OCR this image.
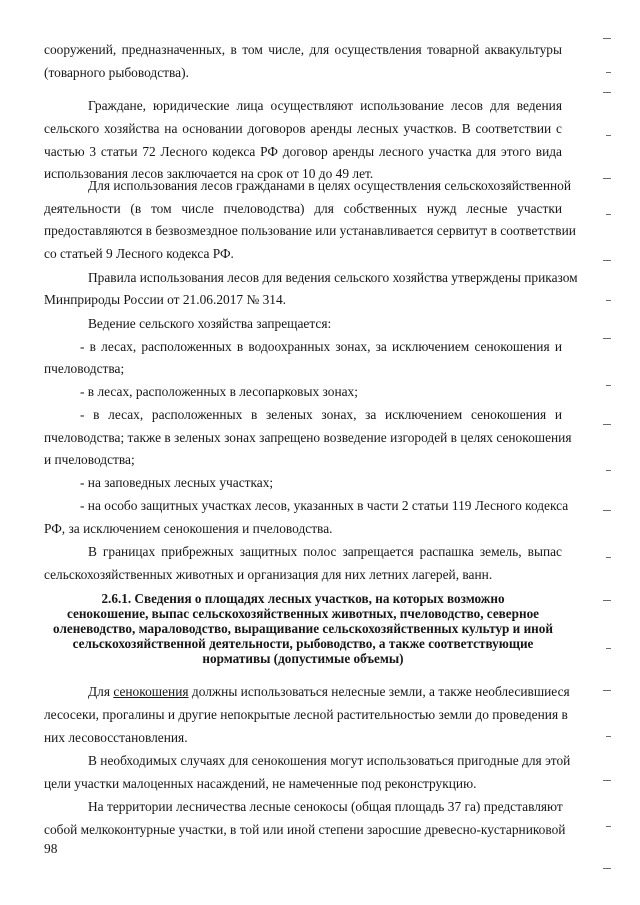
сооружений, предназначенных, в том числе, для осуществления товарной аквакультуры
(товарного рыбоводства).
Граждане, юридические лица осуществляют использование лесов для ведения
сельского хозяйства на основании договоров аренды лесных участков. В соответствии с
частью 3 статьи 72 Лесного кодекса РФ договор аренды лесного участка для этого вида
использования лесов заключается на срок от 10 до 49 лет.
Для использования лесов гражданами в целях осуществления сельскохозяйственной
деятельности (в том числе пчеловодства) для собственных нужд лесные участки
предоставляются в безвозмездное пользование или устанавливается сервитут в соответствии
со статьей 9 Лесного кодекса РФ.
Правила использования лесов для ведения сельского хозяйства утверждены приказом
Минприроды России от 21.06.2017 № 314.
Ведение сельского хозяйства запрещается:
- в лесах, расположенных в водоохранных зонах, за исключением сенокошения и
пчеловодства;
- в лесах, расположенных в лесопарковых зонах;
- в лесах, расположенных в зеленых зонах, за исключением сенокошения и
пчеловодства; также в зеленых зонах запрещено возведение изгородей в целях сенокошения
и пчеловодства;
- на заповедных лесных участках;
- на особо защитных участках лесов, указанных в части 2 статьи 119 Лесного кодекса
РФ, за исключением сенокошения и пчеловодства.
В границах прибрежных защитных полос запрещается распашка земель, выпас
сельскохозяйственных животных и организация для них летних лагерей, ванн.
2.6.1. Сведения о площадях лесных участков, на которых возможно
сенокошение, выпас сельскохозяйственных животных, пчеловодство, северное
оленеводство, мараловодство, выращивание сельскохозяйственных культур и иной
сельскохозяйственной деятельности, рыбоводство, а также соответствующие
нормативы (допустимые объемы)
Для сенокошения должны использоваться нелесные земли, а также необлесившиеся
лесосеки, прогалины и другие непокрытые лесной растительностью земли до проведения в
них лесовосстановления.
В необходимых случаях для сенокошения могут использоваться пригодные для этой
цели участки малоценных насаждений, не намеченные под реконструкцию.
На территории лесничества лесные сенокосы (общая площадь 37 га) представляют
собой мелкоконтурные участки, в той или иной степени заросшие древесно-кустарниковой
98
